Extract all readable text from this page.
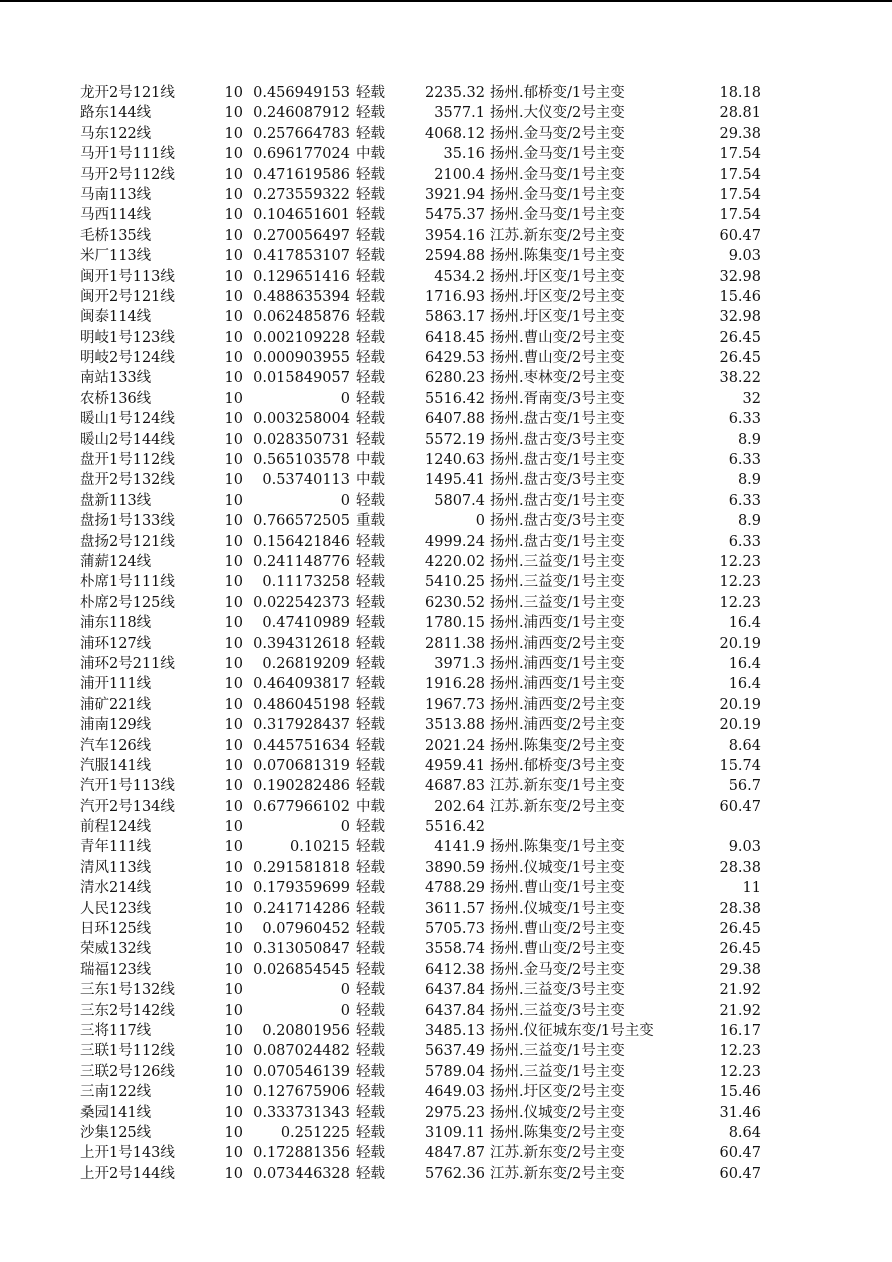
龙开2号121线	10 0.456949153 轻载	2235.32 扬州.郁桥变/1号主变	18.18
路东144线	10 0.246087912 轻载	3577.1 扬州.大仪变/2号主变	28.81
马东122线	10 0.257664783 轻载	4068.12 扬州.金马变/2号主变	29.38
马开1号111线	10 0.696177024 中载	35.16 扬州.金马变/1号主变	17.54
马开2号112线	10 0.471619586 轻载	2100.4 扬州.金马变/1号主变	17.54
马南113线	10 0.273559322 轻载	3921.94 扬州.金马变/1号主变	17.54
马西114线	10 0.104651601 轻载	5475.37 扬州.金马变/1号主变	17.54
毛桥135线	10 0.270056497 轻载	3954.16 江苏.新东变/2号主变	60.47
米厂113线	10 0.417853107 轻载	2594.88 扬州.陈集变/1号主变	9.03
闽开1号113线	10 0.129651416 轻载	4534.2 扬州.圩区变/1号主变	32.98
闽开2号121线	10 0.488635394 轻载	1716.93 扬州.圩区变/2号主变	15.46
闽泰114线	10 0.062485876 轻载	5863.17 扬州.圩区变/1号主变	32.98
明岐1号123线	10 0.002109228 轻载	6418.45 扬州.曹山变/2号主变	26.45
明岐2号124线	10 0.000903955 轻载	6429.53 扬州.曹山变/2号主变	26.45
南站133线	10 0.015849057 轻载	6280.23 扬州.枣林变/2号主变	38.22
农桥136线	10	0 轻载	5516.42 扬州.胥南变/3号主变	32
暖山1号124线	10 0.003258004 轻载	6407.88 扬州.盘古变/1号主变	6.33
暖山2号144线	10 0.028350731 轻载	5572.19 扬州.盘古变/3号主变	8.9
盘开1号112线	10 0.565103578 中载	1240.63 扬州.盘古变/1号主变	6.33
盘开2号132线	10	0.53740113 中载	1495.41 扬州.盘古变/3号主变	8.9
盘新113线	10	0 轻载	5807.4 扬州.盘古变/1号主变	6.33
盘扬1号133线	10 0.766572505 重载	0 扬州.盘古变/3号主变	8.9
盘扬2号121线	10 0.156421846 轻载	4999.24 扬州.盘古变/1号主变	6.33
蒲薪124线	10 0.241148776 轻载	4220.02 扬州.三益变/1号主变	12.23
朴席1号111线	10	0.11173258 轻载	5410.25 扬州.三益变/1号主变	12.23
朴席2号125线	10 0.022542373 轻载	6230.52 扬州.三益变/1号主变	12.23
浦东118线	10	0.47410989 轻载	1780.15 扬州.浦西变/1号主变	16.4
浦环127线	10 0.394312618 轻载	2811.38 扬州.浦西变/2号主变	20.19
浦环2号211线	10	0.26819209 轻载	3971.3 扬州.浦西变/1号主变	16.4
浦开111线	10 0.464093817 轻载	1916.28 扬州.浦西变/1号主变	16.4
浦矿221线	10 0.486045198 轻载	1967.73 扬州.浦西变/2号主变	20.19
浦南129线	10 0.317928437 轻载	3513.88 扬州.浦西变/2号主变	20.19
汽车126线	10 0.445751634 轻载	2021.24 扬州.陈集变/2号主变	8.64
汽服141线	10 0.070681319 轻载	4959.41 扬州.郁桥变/3号主变	15.74
汽开1号113线	10 0.190282486 轻载	4687.83 江苏.新东变/1号主变	56.7
汽开2号134线	10 0.677966102 中载	202.64 江苏.新东变/2号主变	60.47
前程124线	10	0 轻载	5516.42
青年111线	10	0.10215 轻载	4141.9 扬州.陈集变/1号主变	9.03
清风113线	10 0.291581818 轻载	3890.59 扬州.仪城变/1号主变	28.38
清水214线	10 0.179359699 轻载	4788.29 扬州.曹山变/1号主变	11
人民123线	10 0.241714286 轻载	3611.57 扬州.仪城变/1号主变	28.38
日环125线	10	0.07960452 轻载	5705.73 扬州.曹山变/2号主变	26.45
荣威132线	10 0.313050847 轻载	3558.74 扬州.曹山变/2号主变	26.45
瑞福123线	10 0.026854545 轻载	6412.38 扬州.金马变/2号主变	29.38
三东1号132线	10	0 轻载	6437.84 扬州.三益变/3号主变	21.92
三东2号142线	10	0 轻载	6437.84 扬州.三益变/3号主变	21.92
三将117线	10	0.20801956 轻载	3485.13 扬州.仪征城东变/1号主变	16.17
三联1号112线	10 0.087024482 轻载	5637.49 扬州.三益变/1号主变	12.23
三联2号126线	10 0.070546139 轻载	5789.04 扬州.三益变/1号主变	12.23
三南122线	10 0.127675906 轻载	4649.03 扬州.圩区变/2号主变	15.46
桑园141线	10 0.333731343 轻载	2975.23 扬州.仪城变/2号主变	31.46
沙集125线	10	0.251225 轻载	3109.11 扬州.陈集变/2号主变	8.64
上开1号143线	10 0.172881356 轻载	4847.87 江苏.新东变/2号主变	60.47
上开2号144线	10 0.073446328 轻载	5762.36 江苏.新东变/2号主变	60.47
